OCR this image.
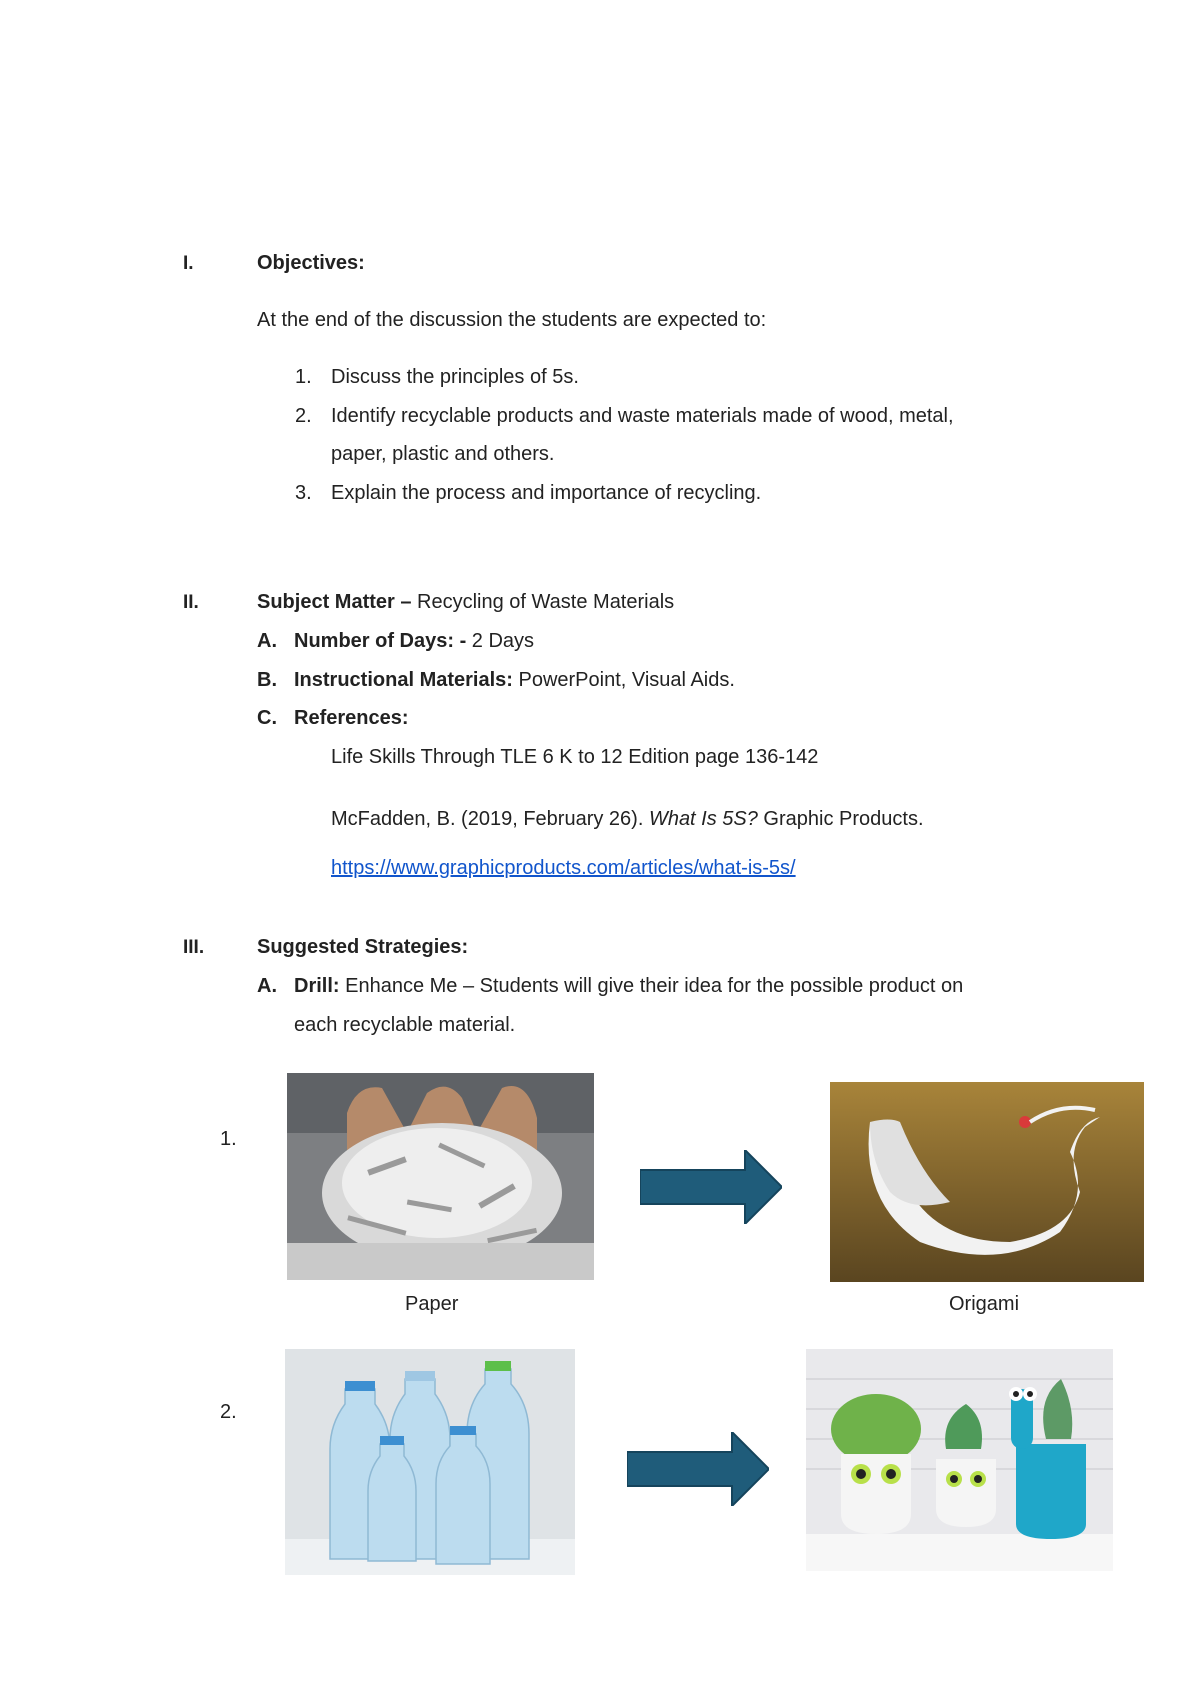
I.	Objectives:
At the end of the discussion the students are expected to:
1. Discuss the principles of 5s.
2. Identify recyclable products and waste materials made of wood, metal,
paper, plastic and others.
3. Explain the process and importance of recycling.
II.	Subject Matter – Recycling of Waste Materials
A. Number of Days: - 2 Days
B. Instructional Materials: PowerPoint, Visual Aids.
C. References:
Life Skills Through TLE 6 K to 12 Edition page 136-142
McFadden, B. (2019, February 26). What Is 5S? Graphic Products.
https://www.graphicproducts.com/articles/what-is-5s/
III.	Suggested Strategies:
A. Drill: Enhance Me – Students will give their idea for the possible product on
each recyclable material.
1.
Paper	Origami
2.
